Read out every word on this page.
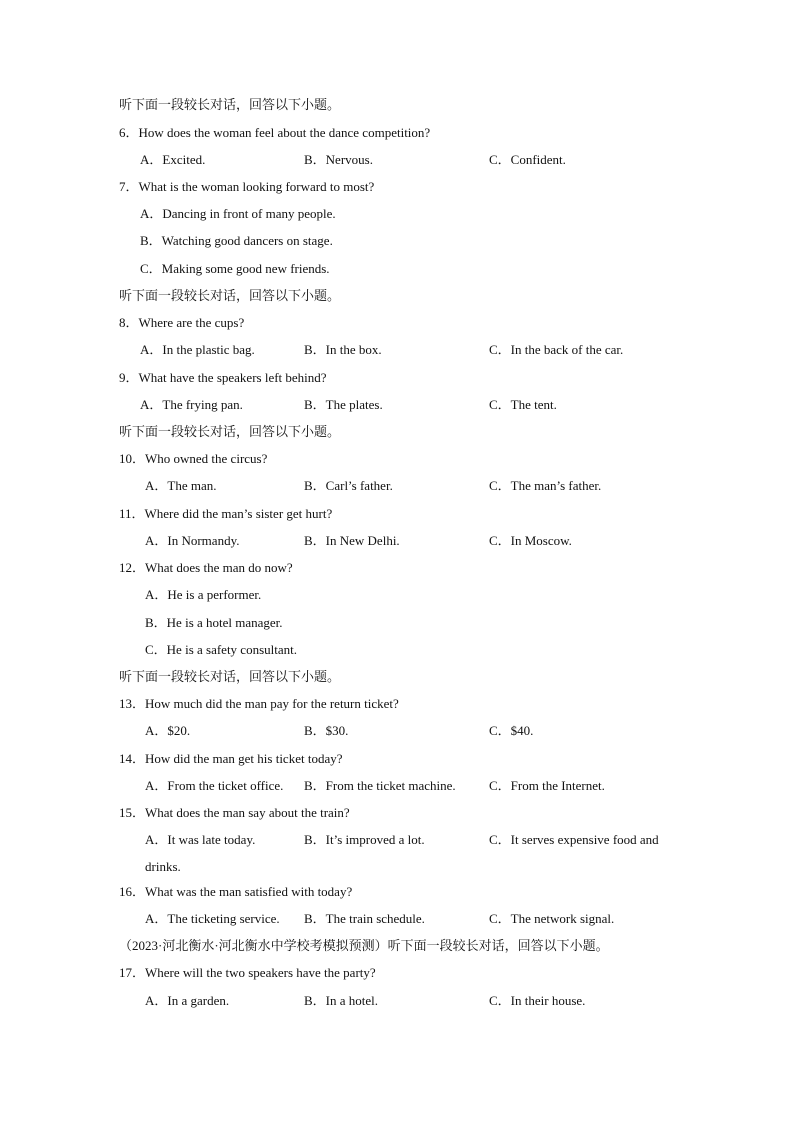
听下面一段较长对话，回答以下小题。
6．How does the woman feel about the dance competition?
A．Excited.	B．Nervous.	C．Confident.
7．What is the woman looking forward to most?
A．Dancing in front of many people.
B．Watching good dancers on stage.
C．Making some good new friends.
听下面一段较长对话，回答以下小题。
8．Where are the cups?
A．In the plastic bag.	B．In the box.	C．In the back of the car.
9．What have the speakers left behind?
A．The frying pan.	B．The plates.	C．The tent.
听下面一段较长对话，回答以下小题。
10．Who owned the circus?
A．The man.	B．Carl’s father.	C．The man’s father.
11．Where did the man’s sister get hurt?
A．In Normandy.	B．In New Delhi.	C．In Moscow.
12．What does the man do now?
A．He is a performer.
B．He is a hotel manager.
C．He is a safety consultant.
听下面一段较长对话，回答以下小题。
13．How much did the man pay for the return ticket?
A．$20.	B．$30.	C．$40.
14．How did the man get his ticket today?
A．From the ticket office. B．From the ticket machine.	C．From the Internet.
15．What does the man say about the train?
A．It was late today.	B．It’s improved a lot.	C．It serves expensive food and
drinks.
16．What was the man satisfied with today?
A．The ticketing service. B．The train schedule.	C．The network signal.
（2023·河北衡水·河北衡水中学校考模拟预测）听下面一段较长对话，回答以下小题。
17．Where will the two speakers have the party?
A．In a garden.	B．In a hotel.	C．In their house.
